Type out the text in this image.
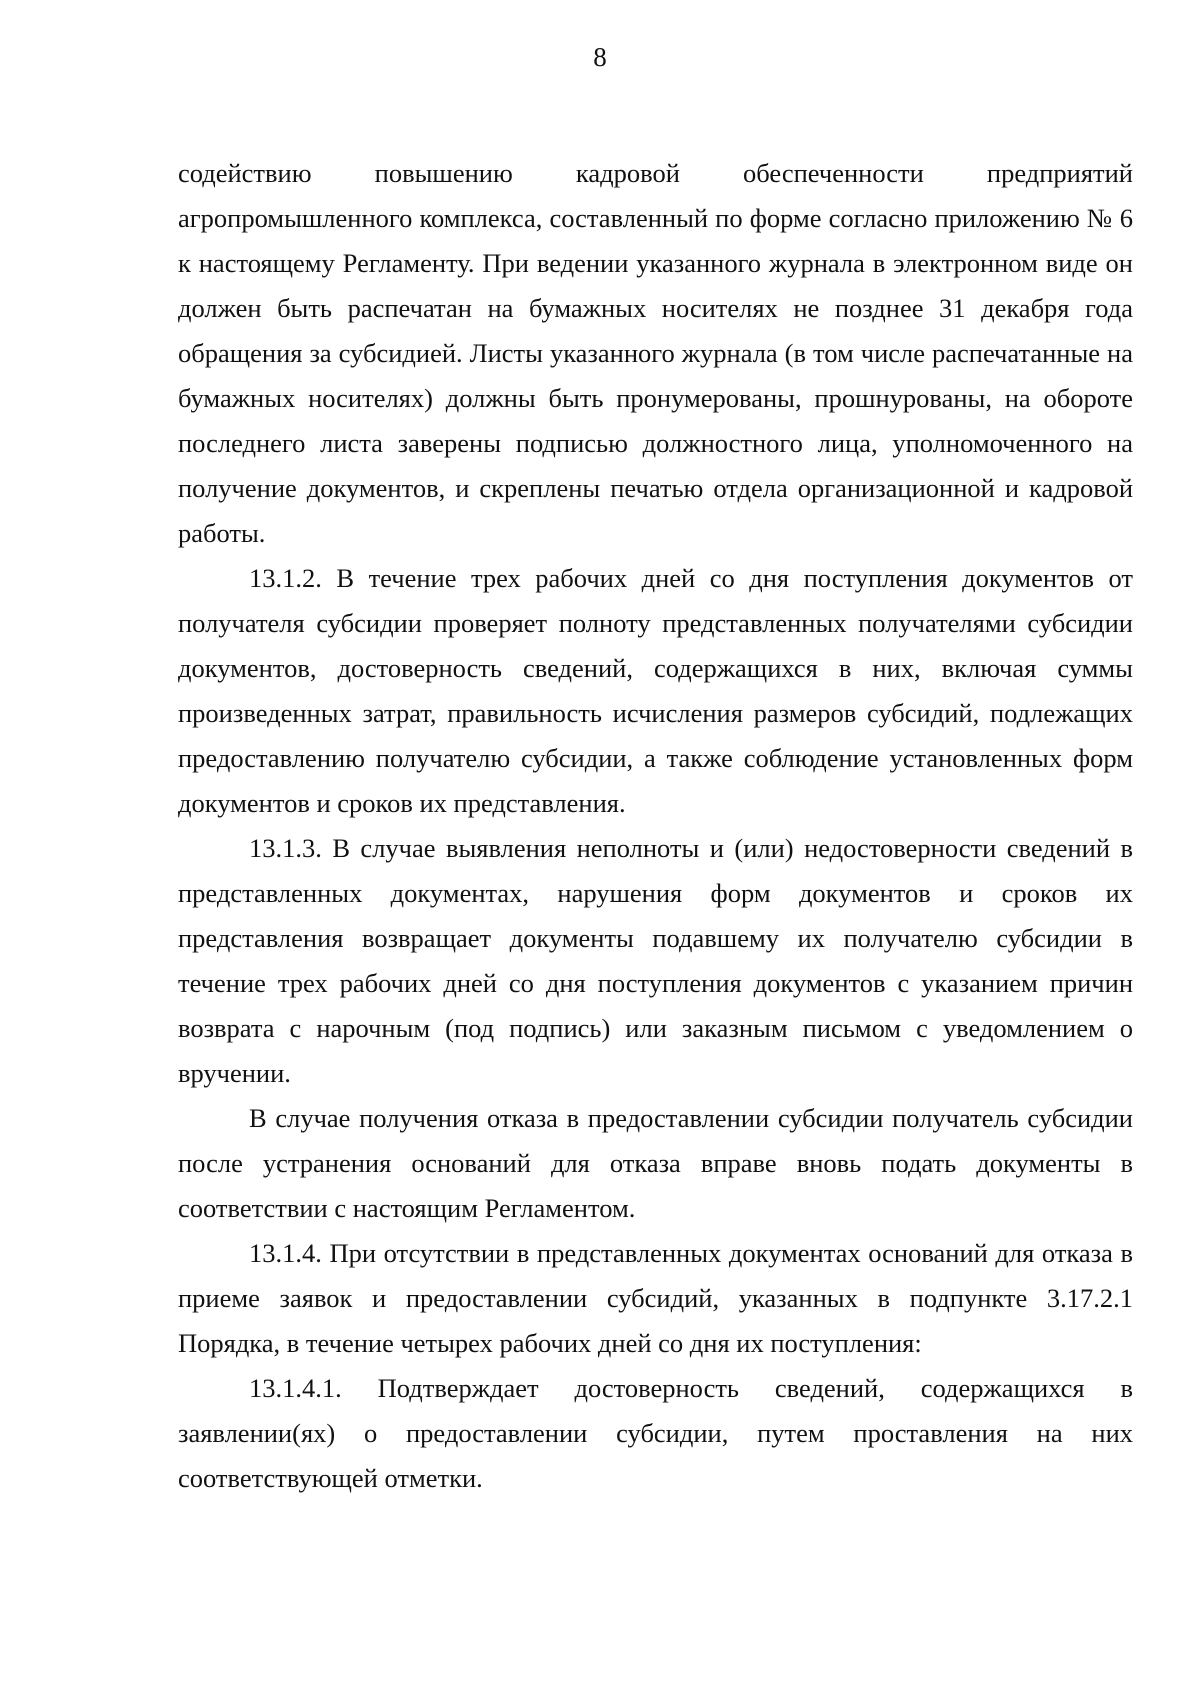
8

содействию повышению кадровой обеспеченности предприятий агропромышленного комплекса, составленный по форме согласно приложению № 6 к настоящему Регламенту. При ведении указанного журнала в электронном виде он должен быть распечатан на бумажных носителях не позднее 31 декабря года обращения за субсидией. Листы указанного журнала (в том числе распечатанные на бумажных носителях) должны быть пронумерованы, прошнурованы, на обороте последнего листа заверены подписью должностного лица, уполномоченного на получение документов, и скреплены печатью отдела организационной и кадровой работы.

13.1.2. В течение трех рабочих дней со дня поступления документов от получателя субсидии проверяет полноту представленных получателями субсидии документов, достоверность сведений, содержащихся в них, включая суммы произведенных затрат, правильность исчисления размеров субсидий, подлежащих предоставлению получателю субсидии, а также соблюдение установленных форм документов и сроков их представления.

13.1.3. В случае выявления неполноты и (или) недостоверности сведений в представленных документах, нарушения форм документов и сроков их представления возвращает документы подавшему их получателю субсидии в течение трех рабочих дней со дня поступления документов с указанием причин возврата с нарочным (под подпись) или заказным письмом с уведомлением о вручении.

В случае получения отказа в предоставлении субсидии получатель субсидии после устранения оснований для отказа вправе вновь подать документы в соответствии с настоящим Регламентом.

13.1.4. При отсутствии в представленных документах оснований для отказа в приеме заявок и предоставлении субсидий, указанных в подпункте 3.17.2.1 Порядка, в течение четырех рабочих дней со дня их поступления:

13.1.4.1. Подтверждает достоверность сведений, содержащихся в заявлении(ях) о предоставлении субсидии, путем проставления на них соответствующей отметки.
